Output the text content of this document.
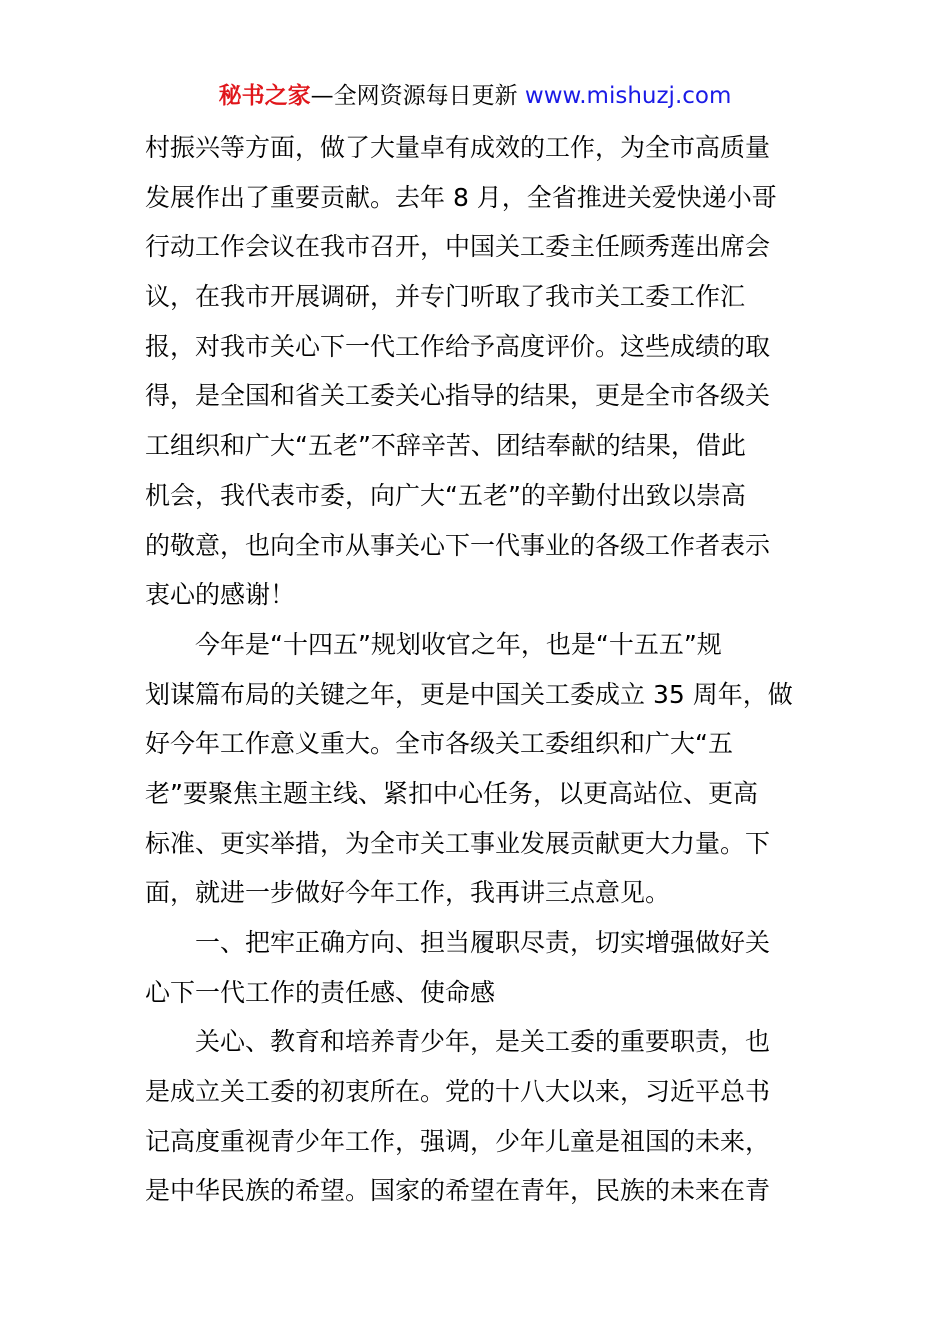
秘书之家—全网资源每日更新 www.mishuzj.com
村振兴等方面，做了大量卓有成效的工作，为全市高质量
发展作出了重要贡献。去年 8 月，全省推进关爱快递小哥
行动工作会议在我市召开，中国关工委主任顾秀莲出席会
议，在我市开展调研，并专门听取了我市关工委工作汇
报，对我市关心下一代工作给予高度评价。这些成绩的取
得，是全国和省关工委关心指导的结果，更是全市各级关
工组织和广大“五老”不辞辛苦、团结奉献的结果，借此
机会，我代表市委，向广大“五老”的辛勤付出致以崇高
的敬意，也向全市从事关心下一代事业的各级工作者表示
衷心的感谢！
　　今年是“十四五”规划收官之年，也是“十五五”规
划谋篇布局的关键之年，更是中国关工委成立 35 周年，做
好今年工作意义重大。全市各级关工委组织和广大“五
老”要聚焦主题主线、紧扣中心任务，以更高站位、更高
标准、更实举措，为全市关工事业发展贡献更大力量。下
面，就进一步做好今年工作，我再讲三点意见。
　　一、把牢正确方向、担当履职尽责，切实增强做好关
心下一代工作的责任感、使命感
　　关心、教育和培养青少年，是关工委的重要职责，也
是成立关工委的初衷所在。党的十八大以来，习近平总书
记高度重视青少年工作，强调，少年儿童是祖国的未来，
是中华民族的希望。国家的希望在青年，民族的未来在青
